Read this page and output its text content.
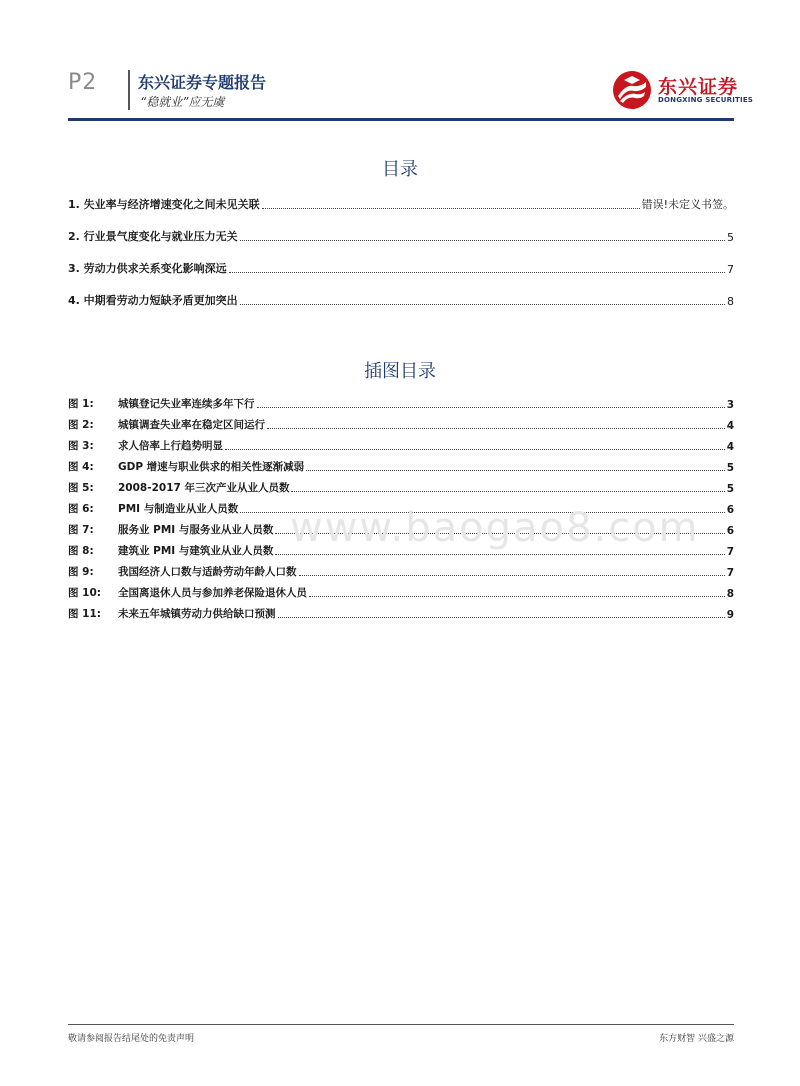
P2	东兴证券专题报告
“稳就业”应无虞
东兴证券
DONGXING SECURITIES
目录
1. 失业率与经济增速变化之间未见关联	错误!未定义书签。
2. 行业景气度变化与就业压力无关	5
3. 劳动力供求关系变化影响深远	7
4. 中期看劳动力短缺矛盾更加突出	8
插图目录
图 1:	城镇登记失业率连续多年下行	3
图 2:	城镇调查失业率在稳定区间运行	4
图 3:	求人倍率上行趋势明显	4
图 4:	GDP 增速与职业供求的相关性逐渐减弱	5
图 5:	2008-2017 年三次产业从业人员数	5
图 6:	PMI 与制造业从业人员数	6
图 7:	服务业 PMI 与服务业从业人员数	6
图 8:	建筑业 PMI 与建筑业从业人员数	7
图 9:	我国经济人口数与适龄劳动年龄人口数	7
图 10:	全国离退休人员与参加养老保险退休人员	8
图 11:	未来五年城镇劳动力供给缺口预测	9
www.baogao8.com
敬请参阅报告结尾处的免责声明	东方财智 兴盛之源
